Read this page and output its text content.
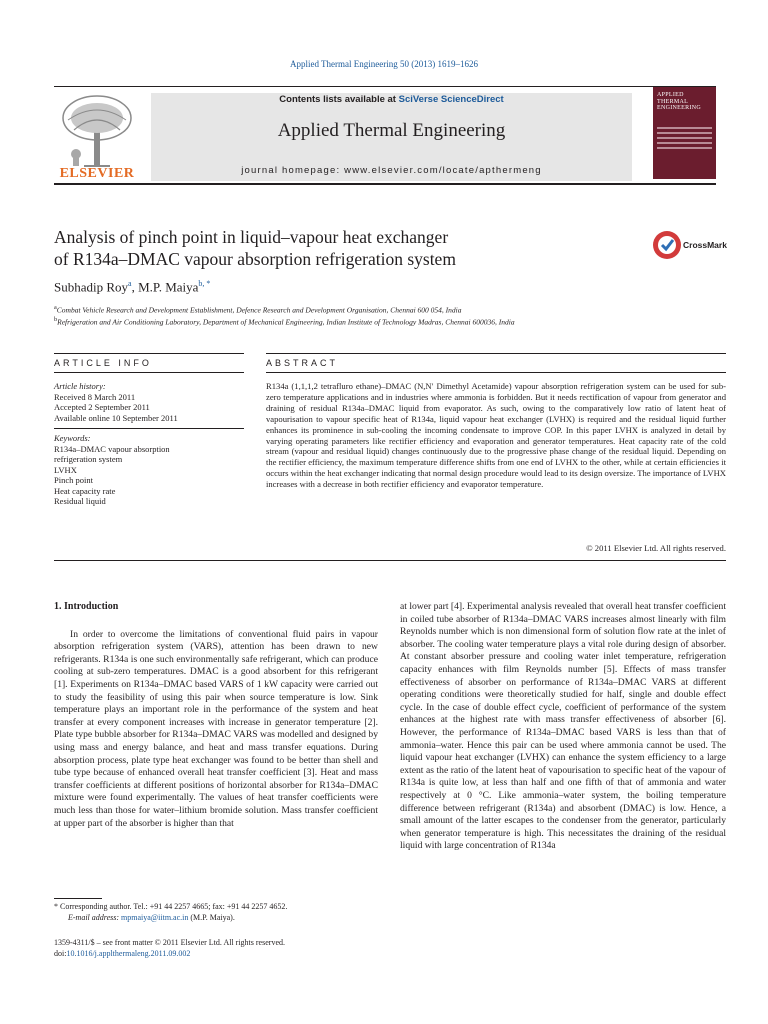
Applied Thermal Engineering 50 (2013) 1619–1626
ELSEVIER
Contents lists available at SciVerse ScienceDirect
Applied Thermal Engineering
journal homepage: www.elsevier.com/locate/apthermeng
APPLIED THERMAL ENGINEERING
Analysis of pinch point in liquid–vapour heat exchanger
of R134a–DMAC vapour absorption refrigeration system
CrossMark
Subhadip Roy$^a$, M.P. Maiya$^{b, *}$
$^a$Combat Vehicle Research and Development Establishment, Defence Research and Development Organisation, Chennai 600 054, India
$^b$Refrigeration and Air Conditioning Laboratory, Department of Mechanical Engineering, Indian Institute of Technology Madras, Chennai 600036, India
ARTICLE INFO	ABSTRACT
Article history:
Received 8 March 2011
Accepted 2 September 2011
Available online 10 September 2011
Keywords:
R134a–DMAC vapour absorption
refrigeration system
LVHX
Pinch point
Heat capacity rate
Residual liquid
R134a (1,1,1,2 tetrafluro ethane)–DMAC (N,N′ Dimethyl Acetamide) vapour absorption refrigeration system can be used for sub-zero temperature applications and in industries where ammonia is forbidden. But it needs rectification of vapour from generator and draining of residual R134a–DMAC liquid from evaporator. As such, owing to the comparatively low ratio of latent heat of vapourisation to vapour specific heat of R134a, liquid vapour heat exchanger (LVHX) is required and the residual liquid further enhances its prominence in sub-cooling the incoming condensate to improve COP. In this paper LVHX is analyzed in detail by varying operating parameters like rectifier efficiency and evaporation and generator temperatures. Heat capacity rate of the cold stream (vapour and residual liquid) changes continuously due to the progressive phase change of the residual liquid. Depending on the rectifier efficiency, the maximum temperature difference shifts from one end of LVHX to the other, while at certain efficiencies it occurs within the heat exchanger indicating that normal design procedure would lead to its design oversize. The importance of LVHX increases with a decrease in both rectifier efficiency and evaporator temperature.
© 2011 Elsevier Ltd. All rights reserved.
1. Introduction
In order to overcome the limitations of conventional fluid pairs in vapour absorption refrigeration system (VARS), attention has been drawn to new refrigerants. R134a is one such environmentally safe refrigerant, which can produce cooling at sub-zero temperatures. DMAC is a good absorbent for this refrigerant [1]. Experiments on R134a–DMAC based VARS of 1 kW capacity were carried out to study the feasibility of using this pair when source temperature is low. Sink temperature plays an important role in the performance of the system and heat transfer at every component increases with increase in generator temperature [2]. Plate type bubble absorber for R134a–DMAC VARS was modelled and designed by using mass and energy balance, and heat and mass transfer equations. During absorption process, plate type heat exchanger was found to be better than shell and tube type because of enhanced overall heat transfer coefficient [3]. Heat and mass transfer coefficients at different positions of horizontal absorber for R134a–DMAC mixture were found experimentally. The values of heat transfer coefficients were much less than those for water–lithium bromide solution. Mass transfer coefficient at upper part of the absorber is higher than that
at lower part [4]. Experimental analysis revealed that overall heat transfer coefficient in coiled tube absorber of R134a–DMAC VARS increases almost linearly with film Reynolds number which is non dimensional form of solution flow rate at the inlet of absorber. The cooling water temperature plays a vital role during design of absorber. At constant absorber pressure and cooling water inlet temperature, refrigeration capacity enhances with film Reynolds number [5]. Effects of mass transfer effectiveness of absorber on performance of R134a–DMAC VARS at different operating conditions were theoretically studied for half, single and double effect cycle. In the case of double effect cycle, coefficient of performance of the system enhances at the highest rate with mass transfer effectiveness of absorber [6]. However, the performance of R134a–DMAC based VARS is less than that of ammonia–water. Hence this pair can be used where ammonia cannot be used. The liquid vapour heat exchanger (LVHX) can enhance the system efficiency to a large extent as the ratio of the latent heat of vapourisation to specific heat of the vapour of R134a is quite low, at less than half and one fifth of that of ammonia and water respectively at 0 °C. Like ammonia–water system, the boiling temperature difference between refrigerant (R134a) and absorbent (DMAC) is low. Hence, a small amount of the latter escapes to the condenser from the generator, particularly when generator temperature is high. This necessitates the draining of the residual liquid with large concentration of R134a
* Corresponding author. Tel.: +91 44 2257 4665; fax: +91 44 2257 4652.
E-mail address: mpmaiya@iitm.ac.in (M.P. Maiya).
1359-4311/$ – see front matter © 2011 Elsevier Ltd. All rights reserved.
doi:10.1016/j.applthermaleng.2011.09.002
